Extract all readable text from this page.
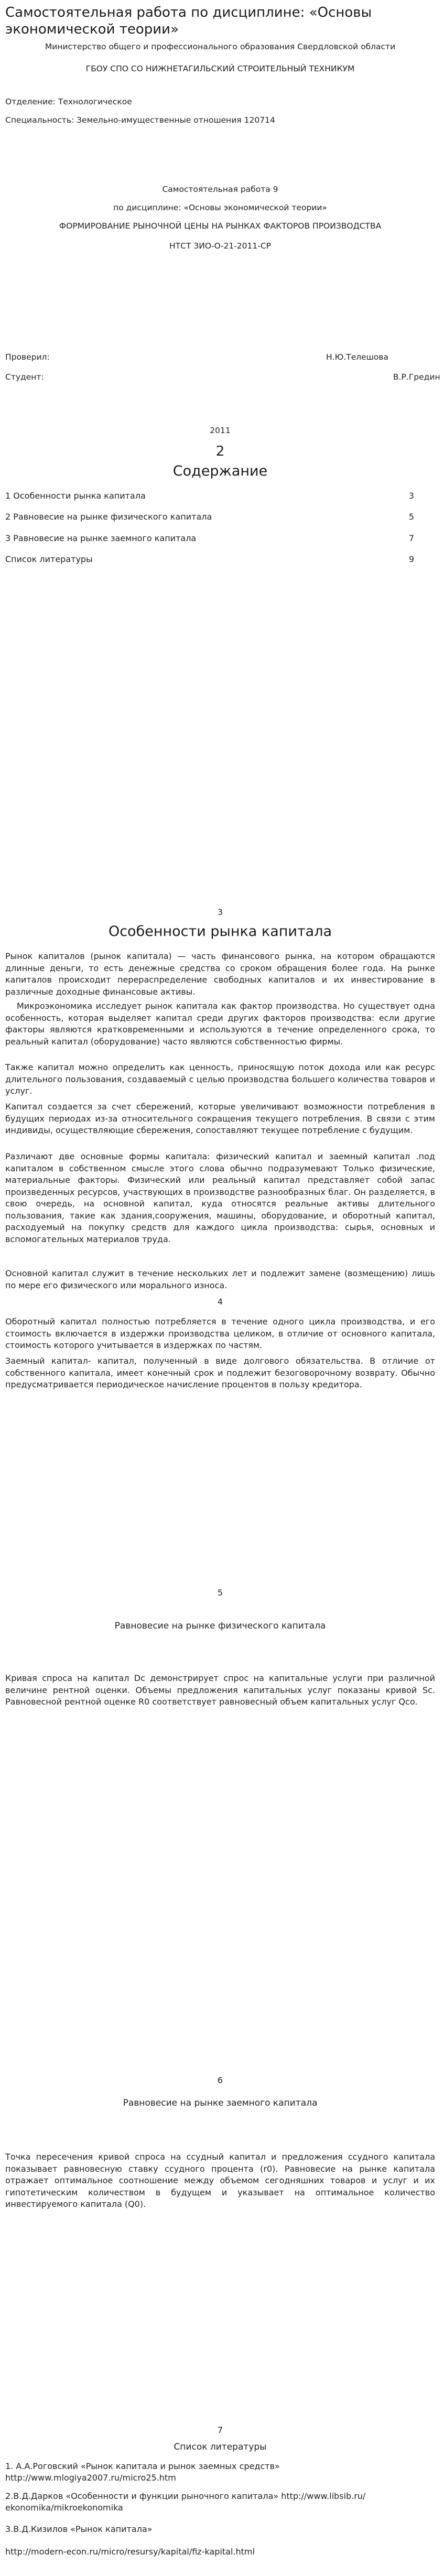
Самостоятельная работа по дисциплине: «Основы экономической теории»
Министерство общего и профессионального образования Свердловской области
ГБОУ СПО СО НИЖНЕТАГИЛЬСКИЙ СТРОИТЕЛЬНЫЙ ТЕХНИКУМ
Отделение: Технологическое
Специальность: Земельно-имущественные отношения 120714
Самостоятельная работа 9
по дисциплине: «Основы экономической теории»
ФОРМИРОВАНИЕ РЫНОЧНОЙ ЦЕНЫ НА РЫНКАХ ФАКТОРОВ ПРОИЗВОДСТВА
НТСТ ЗИО-О-21-2011-СР
Проверил:	Н.Ю.Телешова
Студент:	В.Р.Гредин
2011
2
Содержание
1 Особенности рынка капитала	3
2 Равновесие на рынке физического капитала	5
3 Равновесие на рынке заемного капитала	7
Список литературы	9
3
Особенности рынка капитала
Рынок капиталов (рынок капитала) — часть финансового рынка, на котором обращаются длинные деньги, то есть денежные средства со сроком обращения более года. На рынке капиталов происходит перераспределение свободных капиталов и их инвестирование в различные доходные финансовые активы.
Микроэкономика исследует рынок капитала как фактор производства. Но существует одна особенность, которая выделяет капитал среди других факторов производства: если другие факторы являются кратковременными и используются в течение определенного срока, то реальный капитал (оборудование) часто являются собственностью фирмы.
Также капитал можно определить как ценность, приносящую поток дохода или как ресурс длительного пользования, создаваемый с целью производства большего количества товаров и услуг.
Капитал создается за счет сбережений, которые увеличивают возможности потребления в будущих периодах из-за относительного сокращения текущего потребления. В связи с этим индивиды, осуществляющие сбережения, сопоставляют текущее потребление с будущим.
Различают две основные формы капитала: физический капитал и заемный капитал .под капиталом в собственном смысле этого слова обычно подразумевают Только физические, материальные факторы. Физический или реальный капитал представляет собой запас произведенных ресурсов, участвующих в производстве разнообразных благ. Он разделяется, в свою очередь, на основной капитал, куда относятся реальные активы длительного пользования, такие как здания,сооружения, машины, оборудование, и оборотный капитал, расходуемый на покупку средств для каждого цикла производства: сырья, основных и вспомогательных материалов труда.
Основной капитал служит в течение нескольких лет и подлежит замене (возмещению) лишь по мере его физического или морального износа.
4
Оборотный капитал полностью потребляется в течение одного цикла производства, и его стоимость включается в издержки производства целиком, в отличие от основного капитала, стоимость которого учитывается в издержках по частям.
Заемный капитал- капитал, полученный в виде долгового обязательства. В отличие от собственного капитала, имеет конечный срок и подлежит безоговорочному возврату. Обычно предусматривается периодическое начисление процентов в пользу кредитора.
5
Равновесие на рынке физического капитала
Кривая спроса на капитал Dc демонстрирует спрос на капитальные услуги при различной величине рентной оценки. Объемы предложения капитальных услуг показаны кривой Sc. Равновесной рентной оценке R0 соответствует равновесный объем капитальных услуг Qco.
6
Равновесие на рынке заемного капитала
Точка пересечения кривой спроса на ссудный капитал и предложения ссудного капитала показывает равновесную ставку ссудного процента (r0). Равновесие на рынке капитала отражает оптимальное соотношение между объемом сегодняшних товаров и услуг и их гипотетическим количеством в будущем и указывает на оптимальное количество инвестируемого капитала (Q0).
7
Список литературы
1. А.А.Роговский «Рынок капитала и рынок заемных средств» http://www.mlogiya2007.ru/micro25.htm
2.В.Д.Дарков «Особенности и функции рыночного капитала» http://www.libsib.ru/ ekonomika/mikroekonomika
3.В.Д.Кизилов «Рынок капитала»
http://modern-econ.ru/micro/resursy/kapital/fiz-kapital.html
